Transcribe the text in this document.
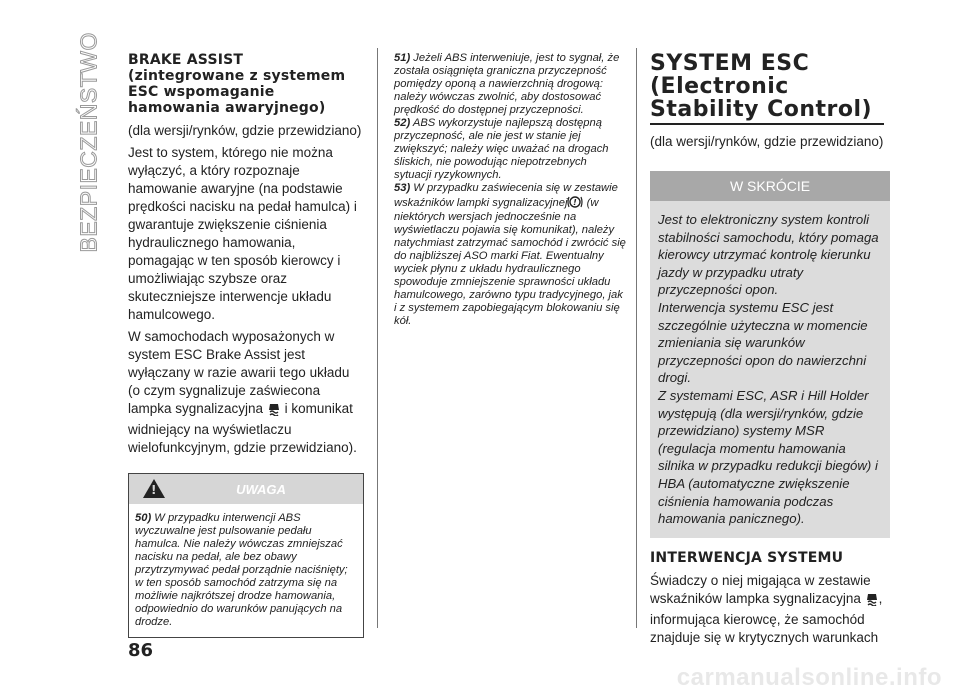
BEZPIECZEŃSTWO BRAKE ASSIST (zintegrowane z systemem ESC wspomaganie hamowania awaryjnego)

(dla wersji/rynków, gdzie przewidziano)

Jest to system, którego nie można wyłączyć, a który rozpoznaje hamowanie awaryjne (na podstawie prędkości nacisku na pedał hamulca) i gwarantuje zwiększenie ciśnienia hydraulicznego hamowania, pomagając w ten sposób kierowcy i umożliwiając szybsze oraz skuteczniejsze interwencje układu hamulcowego.

W samochodach wyposażonych w system ESC Brake Assist jest wyłączany w razie awarii tego układu (o czym sygnalizuje zaświecona lampka sygnalizacyjna  i komunikat widniejący na wyświetlaczu wielofunkcyjnym, gdzie przewidziano).

!
UWAGA

50) W przypadku interwencji ABS wyczuwalne jest pulsowanie pedału hamulca. Nie należy wówczas zmniejszać nacisku na pedał, ale bez obawy przytrzymywać pedał porządnie naciśnięty; w ten sposób samochód zatrzyma się na możliwie najkrótszej drodze hamowania, odpowiednio do warunków panujących na drodze.

51) Jeżeli ABS interweniuje, jest to sygnał, że została osiągnięta graniczna przyczepność pomiędzy oponą a nawierzchnią drogową: należy wówczas zwolnić, aby dostosować prędkość do dostępnej przyczepności.

52) ABS wykorzystuje najlepszą dostępną przyczepność, ale nie jest w stanie jej zwiększyć; należy więc uważać na drogach śliskich, nie powodując niepotrzebnych sytuacji ryzykownych.

53) W przypadku zaświecenia się w zestawie wskaźników lampki sygnalizacyjnej ! (w niektórych wersjach jednocześnie na wyświetlaczu pojawia się komunikat), należy natychmiast zatrzymać samochód i zwrócić się do najbliższej ASO marki Fiat. Ewentualny wyciek płynu z układu hydraulicznego spowoduje zmniejszenie sprawności układu hamulcowego, zarówno typu tradycyjnego, jak i z systemem zapobiegającym blokowaniu się kół.

SYSTEM ESC (Electronic Stability Control)

(dla wersji/rynków, gdzie przewidziano)

W SKRÓCIE

Jest to elektroniczny system kontroli stabilności samochodu, który pomaga kierowcy utrzymać kontrolę kierunku jazdy w przypadku utraty przyczepności opon.

Interwencja systemu ESC jest szczególnie użyteczna w momencie zmieniania się warunków przyczepności opon do nawierzchni drogi.

Z systemami ESC, ASR i Hill Holder występują (dla wersji/rynków, gdzie przewidziano) systemy MSR (regulacja momentu hamowania silnika w przypadku redukcji biegów) i HBA (automatyczne zwiększenie ciśnienia hamowania podczas hamowania panicznego).

INTERWENCJA SYSTEMU

Świadczy o niej migająca w zestawie wskaźników lampka sygnalizacyjna , informująca kierowcę, że samochód znajduje się w krytycznych warunkach

86
carmanualsonline.info
